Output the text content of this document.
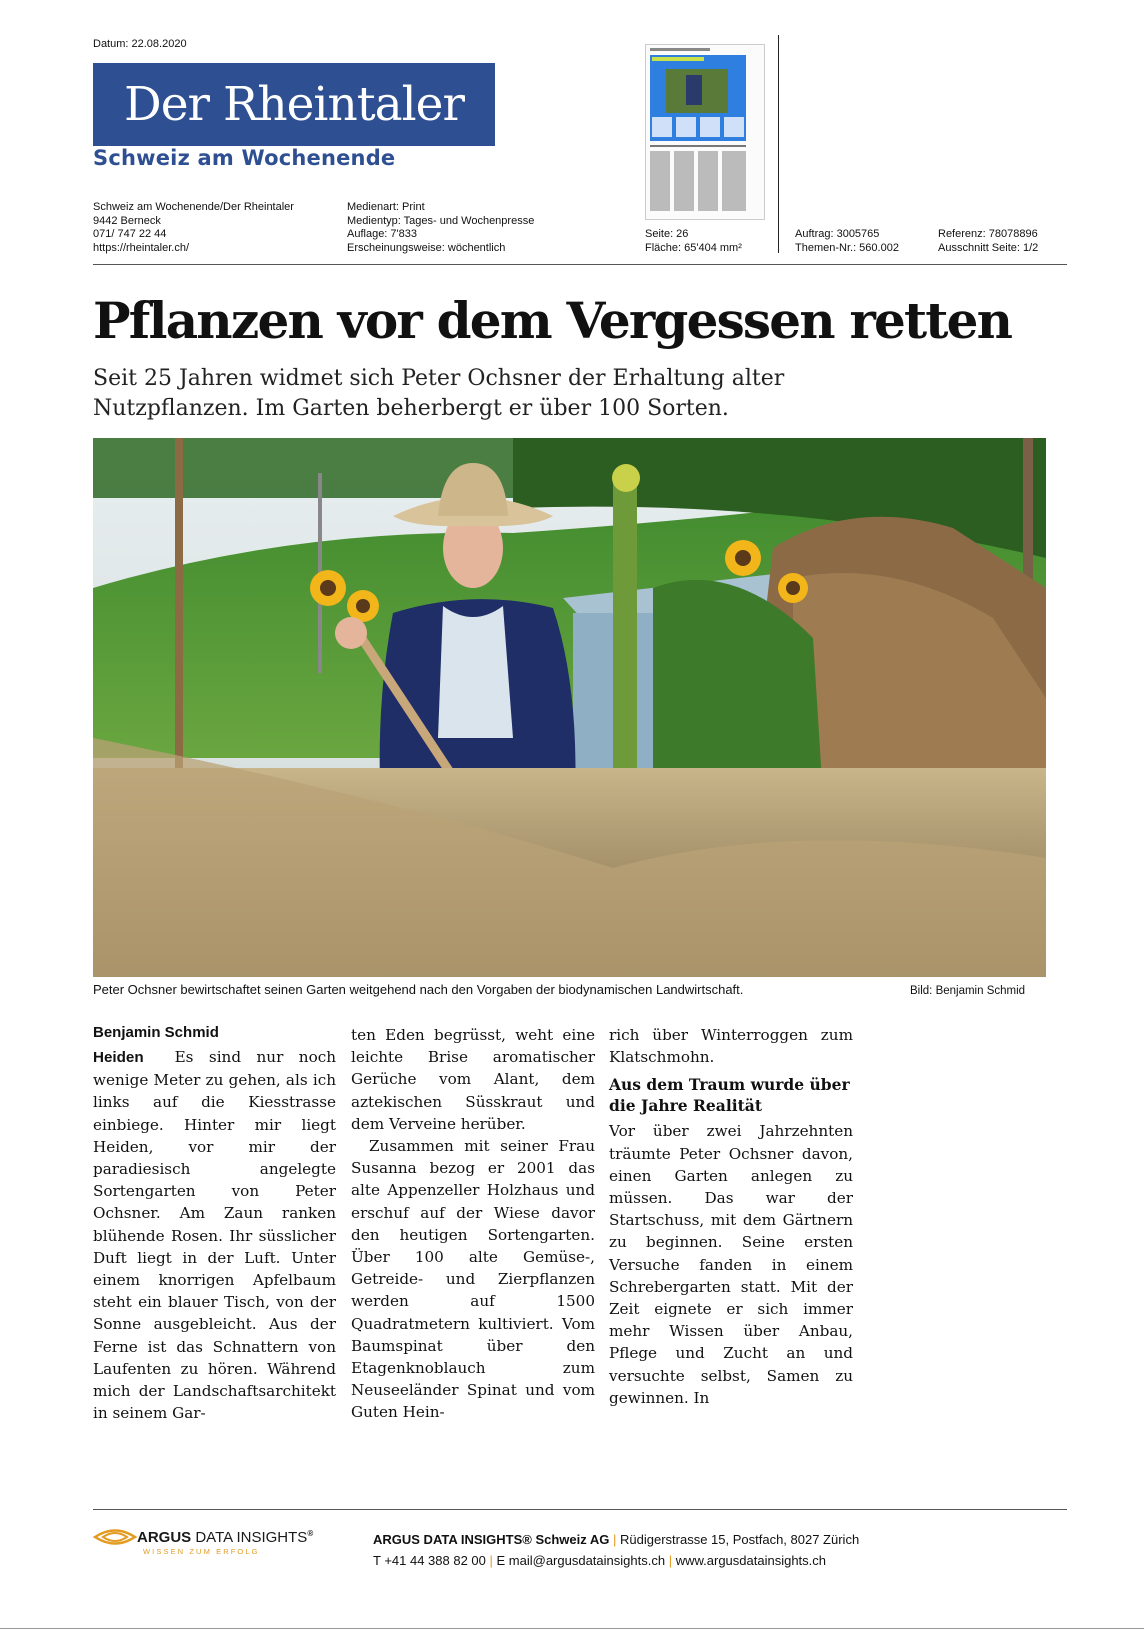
Datum: 22.08.2020
Der Rheintaler
Schweiz am Wochenende
Schweiz am Wochenende/Der Rheintaler
9442 Berneck
071/ 747 22 44
https://rheintaler.ch/
Medienart: Print
Medientyp: Tages- und Wochenpresse
Auflage: 7'833
Erscheinungsweise: wöchentlich
Seite: 26
Fläche: 65'404 mm²
Auftrag: 3005765
Themen-Nr.: 560.002
Referenz: 78078896
Ausschnitt Seite: 1/2
Pflanzen vor dem Vergessen retten
Seit 25 Jahren widmet sich Peter Ochsner der Erhaltung alter Nutzpflanzen. Im Garten beherbergt er über 100 Sorten.
Peter Ochsner bewirtschaftet seinen Garten weitgehend nach den Vorgaben der biodynamischen Landwirtschaft.	Bild: Benjamin Schmid
Benjamin Schmid

Heiden Es sind nur noch wenige Meter zu gehen, als ich links auf die Kiesstrasse einbiege. Hinter mir liegt Heiden, vor mir der paradiesisch angelegte Sortengarten von Peter Ochsner. Am Zaun ranken blühende Rosen. Ihr süsslicher Duft liegt in der Luft. Unter einem knorrigen Apfelbaum steht ein blauer Tisch, von der Sonne ausgebleicht. Aus der Ferne ist das Schnattern von Laufenten zu hören. Während mich der Landschaftsarchitekt in seinem Gar-

ten Eden begrüsst, weht eine leichte Brise aromatischer Gerüche vom Alant, dem aztekischen Süsskraut und dem Verveine herüber.

Zusammen mit seiner Frau Susanna bezog er 2001 das alte Appenzeller Holzhaus und erschuf auf der Wiese davor den heutigen Sortengarten. Über 100 alte Gemüse-, Getreide- und Zierpflanzen werden auf 1500 Quadratmetern kultiviert. Vom Baumspinat über den Etagenknoblauch zum Neuseeländer Spinat und vom Guten Hein-

rich über Winterroggen zum Klatschmohn.

Aus dem Traum wurde über die Jahre Realität

Vor über zwei Jahrzehnten träumte Peter Ochsner davon, einen Garten anlegen zu müssen. Das war der Startschuss, mit dem Gärtnern zu beginnen. Seine ersten Versuche fanden in einem Schrebergarten statt. Mit der Zeit eignete er sich immer mehr Wissen über Anbau, Pflege und Zucht an und versuchte selbst, Samen zu gewinnen. In

ARGUS DATA INSIGHTS®
WISSEN ZUM ERFOLG
ARGUS DATA INSIGHTS® Schweiz AG | Rüdigerstrasse 15, Postfach, 8027 Zürich
T +41 44 388 82 00 | E mail@argusdatainsights.ch | www.argusdatainsights.ch
